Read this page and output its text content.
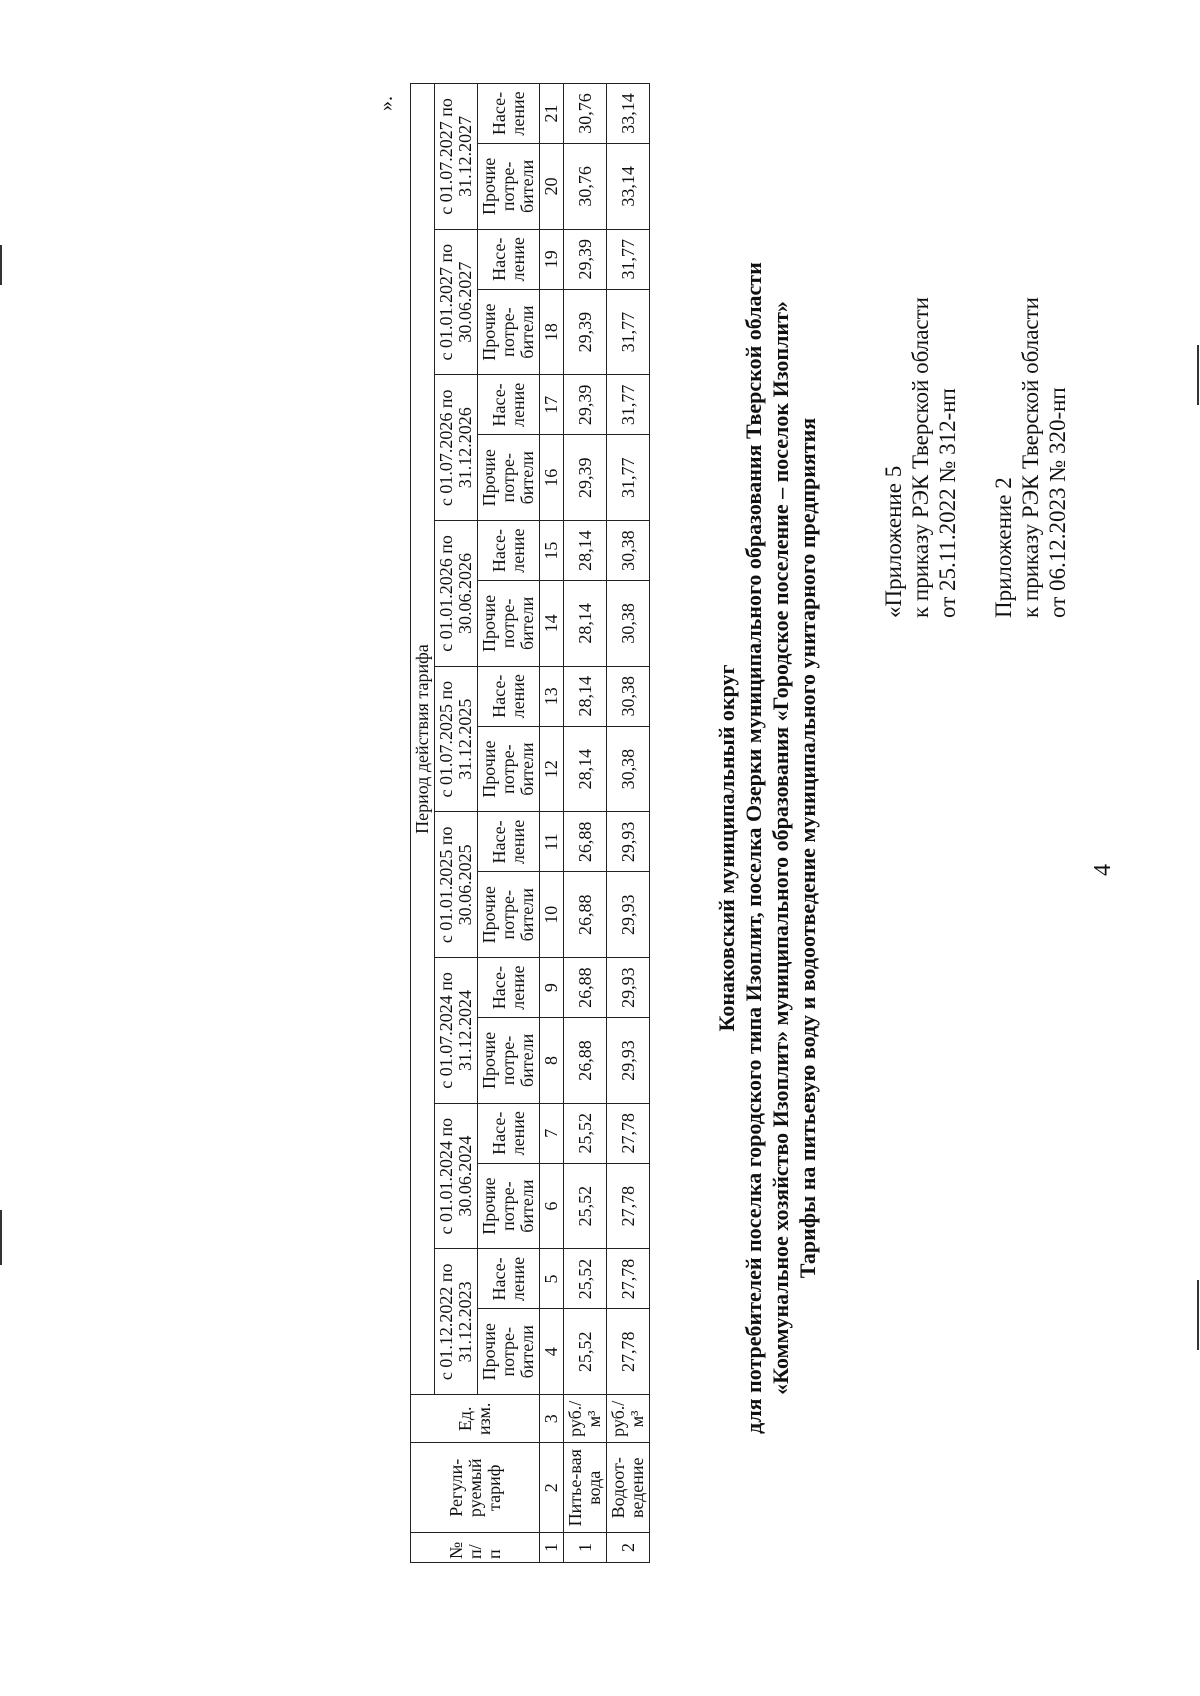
4
Приложение 2 к приказу РЭК Тверской области от 06.12.2023 № 320-нп
«Приложение 5 к приказу РЭК Тверской области от 25.11.2022 № 312-нп
Тарифы на питьевую воду и водоотведение муниципального унитарного предприятия
«Коммунальное хозяйство Изоплит» муниципального образования «Городское поселение – поселок Изоплит»
для потребителей поселка городского типа Изоплит, поселка Озерки муниципального образования Тверской области
Конаковский муниципальный округ
№ п/п	Регули-руемый тариф	Ед. изм.	Период действия тарифа																	
			с 01.12.2022 по 31.12.2023		с 01.01.2024 по 30.06.2024		с 01.07.2024 по 31.12.2024		с 01.01.2025 по 30.06.2025		с 01.07.2025 по 31.12.2025		с 01.01.2026 по 30.06.2026		с 01.07.2026 по 31.12.2026		с 01.01.2027 по 30.06.2027		с 01.07.2027 по 31.12.2027	
			Прочие потре-бители	Насе-ление	Прочие потре-бители	Насе-ление	Прочие потре-бители	Насе-ление	Прочие потре-бители	Насе-ление	Прочие потре-бители	Насе-ление	Прочие потре-бители	Насе-ление	Прочие потре-бители	Насе-ление	Прочие потре-бители	Насе-ление	Прочие потре-бители	Насе-ление
1	2	3	4	5	6	7	8	9	10	11	12	13	14	15	16	17	18	19	20	21
1	Питье-вая вода	руб./м³	25,52	25,52	25,52	25,52	26,88	26,88	26,88	26,88	28,14	28,14	28,14	28,14	29,39	29,39	29,39	29,39	30,76	30,76
2	Водоот-ведение	руб./м³	27,78	27,78	27,78	27,78	29,93	29,93	29,93	29,93	30,38	30,38	30,38	30,38	31,77	31,77	31,77	31,77	33,14	33,14
».
